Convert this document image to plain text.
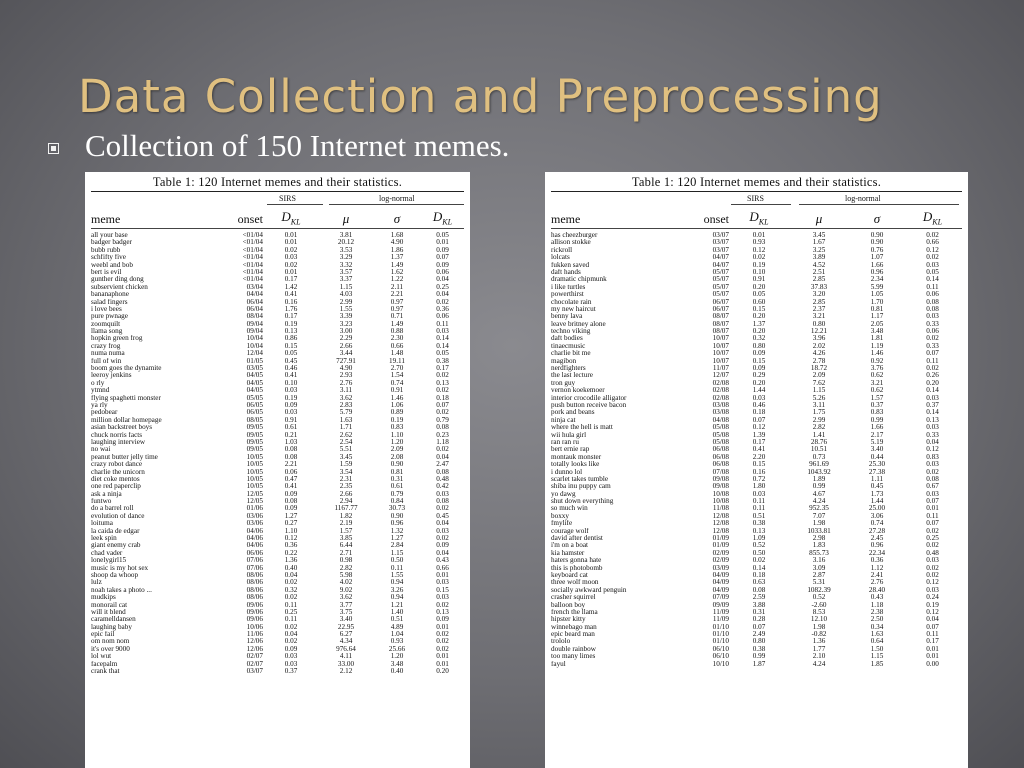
Data Collection and Preprocessing
Collection of 150 Internet memes.
Table 1: 120 Internet memes and their statistics.
SIRS	log-normal
meme	onset	$D_{KL}$	μ	σ	$D_{KL}$
all your base	<01/04	0.01	3.81	1.68	0.05
badger badger	<01/04	0.01	20.12	4.90	0.01
bubb rubb	<01/04	0.02	3.53	1.86	0.09
schfifty five	<01/04	0.03	3.29	1.37	0.07
weebl and bob	<01/04	0.02	3.32	1.49	0.09
bert is evil	<01/04	0.01	3.57	1.62	0.06
gunther ding dong	<01/04	0.17	3.37	1.22	0.04
subservient chicken	03/04	1.42	1.15	2.11	0.25
bananaphone	04/04	0.41	4.03	2.21	0.04
salad fingers	06/04	0.16	2.99	0.97	0.02
i love bees	06/04	1.76	1.55	0.97	0.36
pure pwnage	08/04	0.17	3.39	0.71	0.06
zoomquilt	09/04	0.19	3.23	1.49	0.11
llama song	09/04	0.13	3.00	0.88	0.03
hopkin green frog	10/04	0.86	2.29	2.30	0.14
crazy frog	10/04	0.15	2.66	0.66	0.14
numa numa	12/04	0.05	3.44	1.48	0.05
full of win	01/05	0.45	727.91	19.11	0.38
boom goes the dynamite	03/05	0.46	4.90	2.70	0.17
leeroy jenkins	04/05	0.41	2.93	1.54	0.02
o rly	04/05	0.10	2.76	0.74	0.13
ytmnd	04/05	0.03	3.11	0.91	0.02
flying spaghetti monster	05/05	0.19	3.62	1.46	0.18
ya rly	06/05	0.09	2.83	1.06	0.07
pedobear	06/05	0.03	5.79	0.89	0.02
million dollar homepage	08/05	0.91	1.63	0.19	0.79
asian backstreet boys	09/05	0.61	1.71	0.83	0.08
chuck norris facts	09/05	0.21	2.62	1.10	0.23
laughing interview	09/05	1.03	2.54	1.20	1.18
no wai	09/05	0.08	5.51	2.09	0.02
peanut butter jelly time	10/05	0.08	3.45	2.08	0.04
crazy robot dance	10/05	2.21	1.59	0.90	2.47
charlie the unicorn	10/05	0.06	3.54	0.81	0.08
diet coke mentos	10/05	0.47	2.31	0.31	0.48
one red paperclip	10/05	0.41	2.35	0.61	0.42
ask a ninja	12/05	0.09	2.66	0.79	0.03
funtwo	12/05	0.08	2.94	0.84	0.08
do a barrel roll	01/06	0.09	1167.77	30.73	0.02
evolution of dance	03/06	1.27	1.82	0.90	0.45
loituma	03/06	0.27	2.19	0.96	0.04
la caida de edgar	04/06	1.10	1.57	1.32	0.03
leek spin	04/06	0.12	3.85	1.27	0.02
giant enemy crab	04/06	0.36	6.44	2.84	0.09
chad vader	06/06	0.22	2.71	1.15	0.04
lonelygirl15	07/06	1.36	0.98	0.50	0.43
music is my hot sex	07/06	0.40	2.82	0.11	0.66
shoop da whoop	08/06	0.04	5.98	1.55	0.01
lulz	08/06	0.02	4.02	0.94	0.03
noah takes a photo ...	08/06	0.32	9.02	3.26	0.15
mudkips	08/06	0.02	3.62	0.94	0.03
monorail cat	09/06	0.11	3.77	1.21	0.02
will it blend	09/06	0.25	3.75	1.40	0.13
caramelldansen	09/06	0.11	3.40	0.51	0.09
laughing baby	10/06	0.02	22.95	4.89	0.01
epic fail	11/06	0.04	6.27	1.04	0.02
om nom nom	12/06	0.02	4.34	0.93	0.02
it's over 9000	12/06	0.09	976.64	25.66	0.02
lol wut	02/07	0.03	4.11	1.20	0.01
facepalm	02/07	0.03	33.00	3.48	0.01
crank that	03/07	0.37	2.12	0.40	0.20
Table 1: 120 Internet memes and their statistics.
SIRS	log-normal
meme	onset	$D_{KL}$	μ	σ	$D_{KL}$
has cheezburger	03/07	0.01	3.45	0.90	0.02
allison stokke	03/07	0.93	1.67	0.90	0.66
rickroll	03/07	0.12	3.25	0.76	0.12
lolcats	04/07	0.02	3.89	1.07	0.02
fukken saved	04/07	0.19	4.52	1.66	0.03
daft hands	05/07	0.10	2.51	0.96	0.05
dramatic chipmunk	05/07	0.91	2.85	2.34	0.14
i like turtles	05/07	0.20	37.83	5.99	0.11
powerthirst	05/07	0.05	3.20	1.05	0.06
chocolate rain	06/07	0.60	2.85	1.70	0.08
my new haircut	06/07	0.15	2.37	0.81	0.08
benny lava	08/07	0.20	3.21	1.17	0.03
leave britney alone	08/07	1.37	0.80	2.05	0.33
techno viking	08/07	0.20	12.21	3.48	0.06
daft bodies	10/07	0.32	3.96	1.81	0.02
tinaecmusic	10/07	0.80	2.02	1.19	0.33
charlie bit me	10/07	0.09	4.26	1.46	0.07
magibon	10/07	0.15	2.78	0.92	0.11
nerdfighters	11/07	0.09	18.72	3.76	0.02
the last lecture	12/07	0.29	2.09	0.62	0.26
tron guy	02/08	0.20	7.62	3.21	0.20
vernon koekemoer	02/08	1.44	1.15	0.62	0.14
interior crocodile alligator	02/08	0.03	5.26	1.57	0.03
push button receive bacon	03/08	0.46	3.11	0.37	0.37
pork and beans	03/08	0.18	1.75	0.83	0.14
ninja cat	04/08	0.07	2.99	0.99	0.13
where the hell is matt	05/08	0.12	2.82	1.66	0.03
wii hula girl	05/08	1.39	1.41	2.17	0.33
ran ran ru	05/08	0.17	28.76	5.19	0.04
bert ernie rap	06/08	0.41	10.51	3.40	0.12
montauk monster	06/08	2.20	0.73	0.44	0.83
totally looks like	06/08	0.15	961.69	25.30	0.03
i dunno lol	07/08	0.16	1043.92	27.38	0.02
scarlet takes tumble	09/08	0.72	1.89	1.11	0.08
shiba inu puppy cam	09/08	1.80	0.99	0.45	0.67
yo dawg	10/08	0.03	4.67	1.73	0.03
shut down everything	10/08	0.11	4.24	1.44	0.07
so much win	11/08	0.11	952.35	25.00	0.01
boxxy	12/08	0.51	7.07	3.06	0.11
fmylife	12/08	0.38	1.98	0.74	0.07
courage wolf	12/08	0.13	1033.81	27.28	0.02
david after dentist	01/09	1.09	2.98	2.45	0.25
i'm on a boat	01/09	0.52	1.83	0.96	0.02
kia hamster	02/09	0.50	855.73	22.34	0.48
haters gonna hate	02/09	0.02	3.16	0.36	0.03
this is photobomb	03/09	0.14	3.09	1.12	0.02
keyboard cat	04/09	0.18	2.87	2.41	0.02
three wolf moon	04/09	0.63	5.31	2.76	0.12
socially awkward penguin	04/09	0.08	1082.39	28.40	0.03
crasher squirrel	07/09	2.59	0.52	0.43	0.24
balloon boy	09/09	3.88	-2.60	1.18	0.19
french the llama	11/09	0.31	8.53	2.38	0.12
hipster kitty	11/09	0.28	12.10	2.50	0.04
winnebago man	01/10	0.07	1.98	0.34	0.07
epic beard man	01/10	2.49	-0.82	1.63	0.11
trololo	01/10	0.80	1.36	0.64	0.17
double rainbow	06/10	0.38	1.77	1.50	0.01
too many limes	06/10	0.99	2.10	1.15	0.01
fayul	10/10	1.87	4.24	1.85	0.00
